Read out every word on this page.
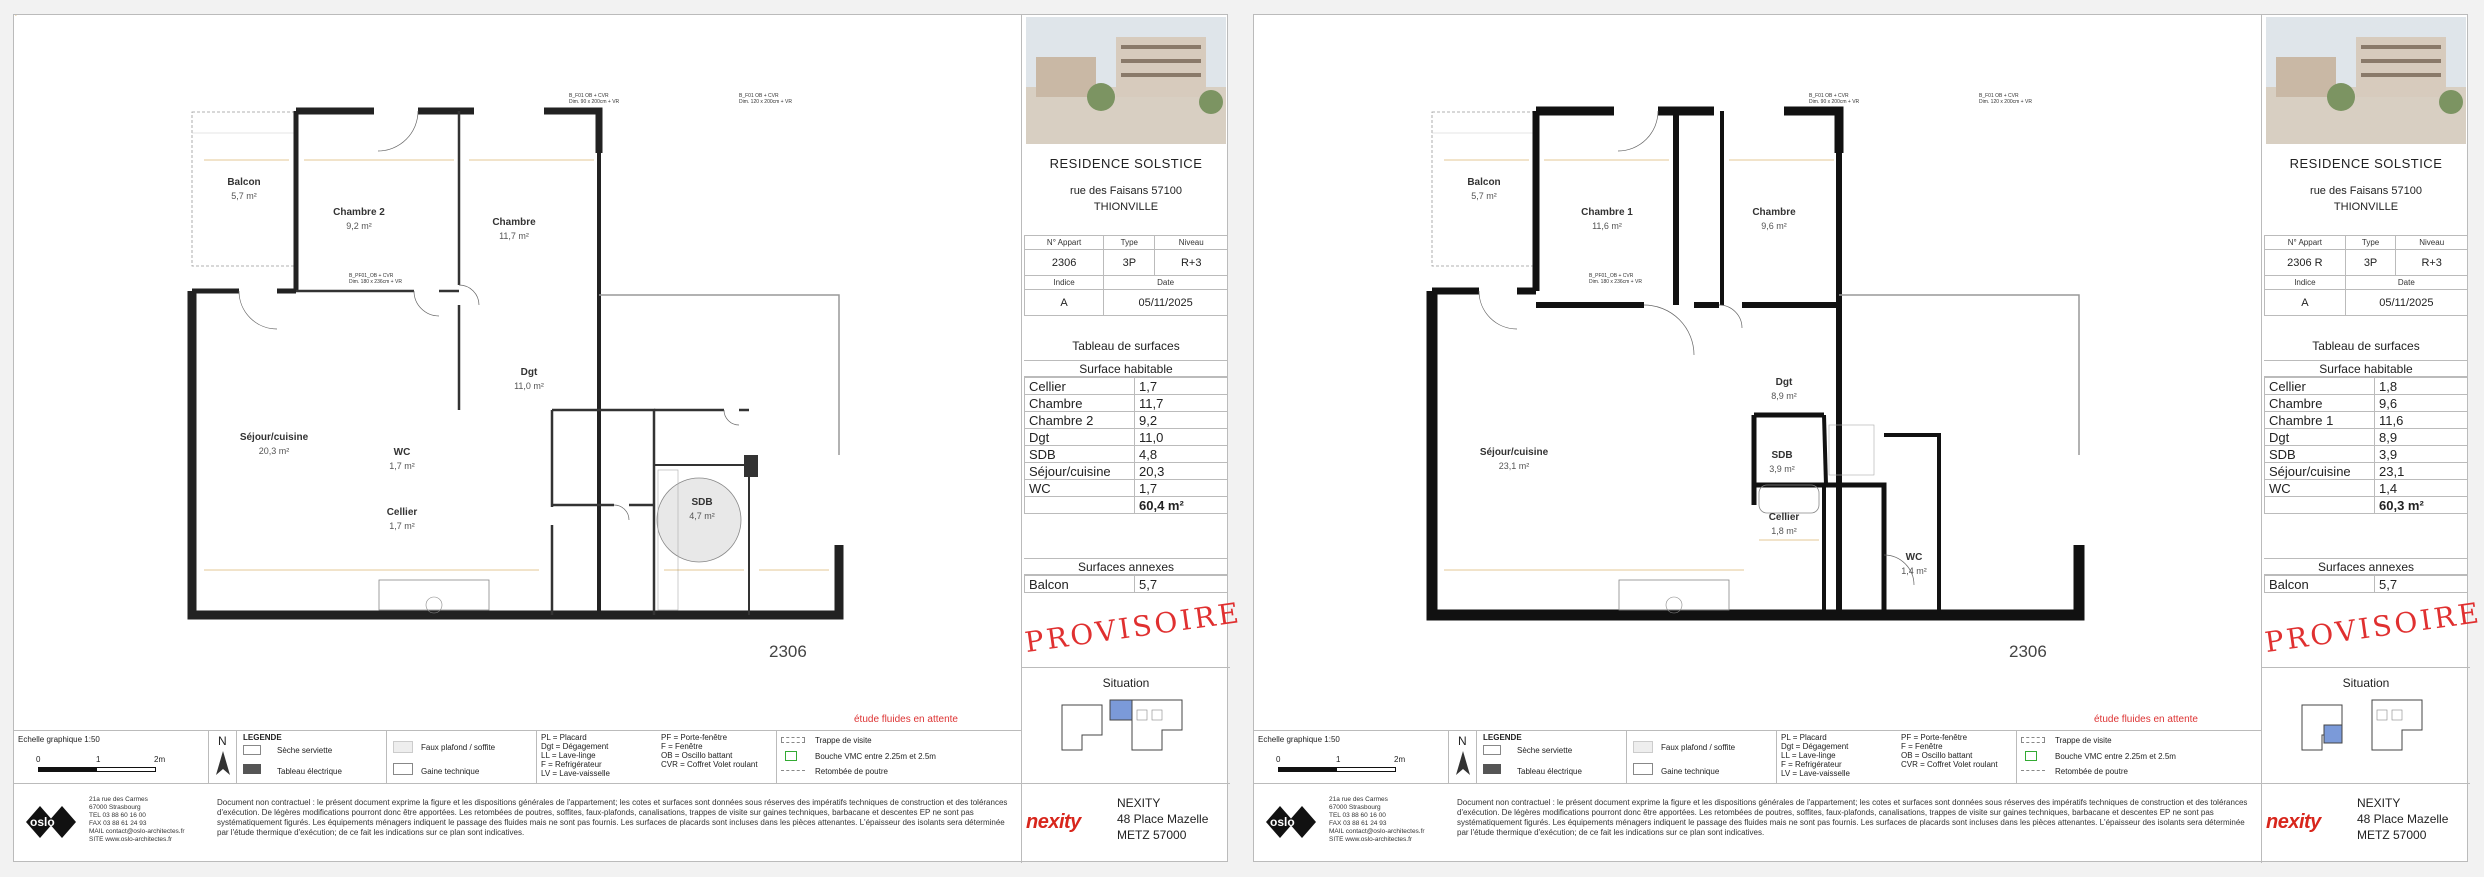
B_F01 OB + CVR
Dim. 90 x 200cm + VR
B_F01 OB + CVR
Dim. 120 x 200cm + VR
B_PF01_OB + CVR
Dim. 180 x 236cm + VR
Balcon
5,7 m²
Chambre 2
9,2 m²	Chambre
11,7 m²
Dgt
11,0 m²
Séjour/cuisine
20,3 m²	WC
1,7 m²
Cellier
1,7 m²
SDB
4,7 m²
.
2306
étude fluides en attente
Echelle graphique 1:50
0	1	2m
N LEGENDE
Sèche serviette
Tableau électrique
Faux plafond / soffite
Gaine technique
PL = Placard
Dgt = Dégagement
LL = Lave-linge
F = Refrigérateur
LV = Lave-vaisselle
PF = Porte-fenêtre
F = Fenêtre
OB = Oscillo battant
CVR = Coffret Volet roulant
Trappe de visite
Bouche VMC entre 2.25m et 2.5m
Retombée de poutre
oslo
21a rue des Carmes
67000 Strasbourg
TEL 03 88 60 16 00
FAX 03 88 61 24 93
MAIL contact@oslo-architectes.fr
SITE www.oslo-architectes.fr
Document non contractuel : le présent document exprime la figure et les dispositions générales de l'appartement; les cotes et surfaces sont données sous réserves des impératifs techniques de construction et des tolérances d'exécution. De légères modifications pourront donc être apportées. Les retombées de poutres, soffites, faux-plafonds, canalisations, trappes de visite sur gaines techniques, barbacane et descentes EP ne sont pas systématiquement figurés. Les équipements ménagers indiquent le passage des fluides mais ne sont pas fournis. Les surfaces de placards sont incluses dans les pièces attenantes. L'épaisseur des isolants sera déterminée par l'étude thermique d'exécution; de ce fait les indications sur ce plan sont indicatives.
RESIDENCE SOLSTICE
rue des Faisans 57100
THIONVILLE
N° Appart	Type	Niveau
2306	3P	R+3
Indice	Date	
A	05/11/2025	
Tableau de surfaces
Surface habitable
Cellier	1,7
Chambre	11,7
Chambre 2	9,2
Dgt	11,0
SDB	4,8
Séjour/cuisine	20,3
WC	1,7
	60,4 m²
Surfaces annexes
Balcon	5,7
PROVISOIRE
Situation
nexity
NEXITY
48 Place Mazelle
METZ 57000
B_F01 OB + CVR
Dim. 90 x 200cm + VR
B_F01 OB + CVR
Dim. 120 x 200cm + VR
B_PF01_OB + CVR
Dim. 180 x 236cm + VR
Balcon
5,7 m²
Chambre 1
11,6 m²
Chambre
9,6 m²
Dgt
8,9 m²
Séjour/cuisine
23,1 m²
SDB
3,9 m²
Cellier
1,8 m²
WC
1,4 m²
2306
étude fluides en attente
Echelle graphique 1:50
0	1	2m
N LEGENDE
Sèche serviette
Tableau électrique
Faux plafond / soffite
Gaine technique
PL = Placard
Dgt = Dégagement
LL = Lave-linge
F = Refrigérateur
LV = Lave-vaisselle
PF = Porte-fenêtre
F = Fenêtre
OB = Oscillo battant
CVR = Coffret Volet roulant
Trappe de visite
Bouche VMC entre 2.25m et 2.5m
Retombée de poutre
oslo
21a rue des Carmes
67000 Strasbourg
TEL 03 88 60 16 00
FAX 03 88 61 24 93
MAIL contact@oslo-architectes.fr
SITE www.oslo-architectes.fr
Document non contractuel : le présent document exprime la figure et les dispositions générales de l'appartement; les cotes et surfaces sont données sous réserves des impératifs techniques de construction et des tolérances d'exécution. De légères modifications pourront donc être apportées. Les retombées de poutres, soffites, faux-plafonds, canalisations, trappes de visite sur gaines techniques, barbacane et descentes EP ne sont pas systématiquement figurés. Les équipements ménagers indiquent le passage des fluides mais ne sont pas fournis. Les surfaces de placards sont incluses dans les pièces attenantes. L'épaisseur des isolants sera déterminée par l'étude thermique d'exécution; de ce fait les indications sur ce plan sont indicatives.
RESIDENCE SOLSTICE
rue des Faisans 57100
THIONVILLE
N° Appart	Type	Niveau
2306 R	3P	R+3
Indice	Date	
A	05/11/2025	
Tableau de surfaces
Surface habitable
Cellier	1,8
Chambre	9,6
Chambre 1	11,6
Dgt	8,9
SDB	3,9
Séjour/cuisine	23,1
WC	1,4
	60,3 m²
Surfaces annexes
Balcon	5,7
PROVISOIRE
Situation
nexity
NEXITY
48 Place Mazelle
METZ 57000
